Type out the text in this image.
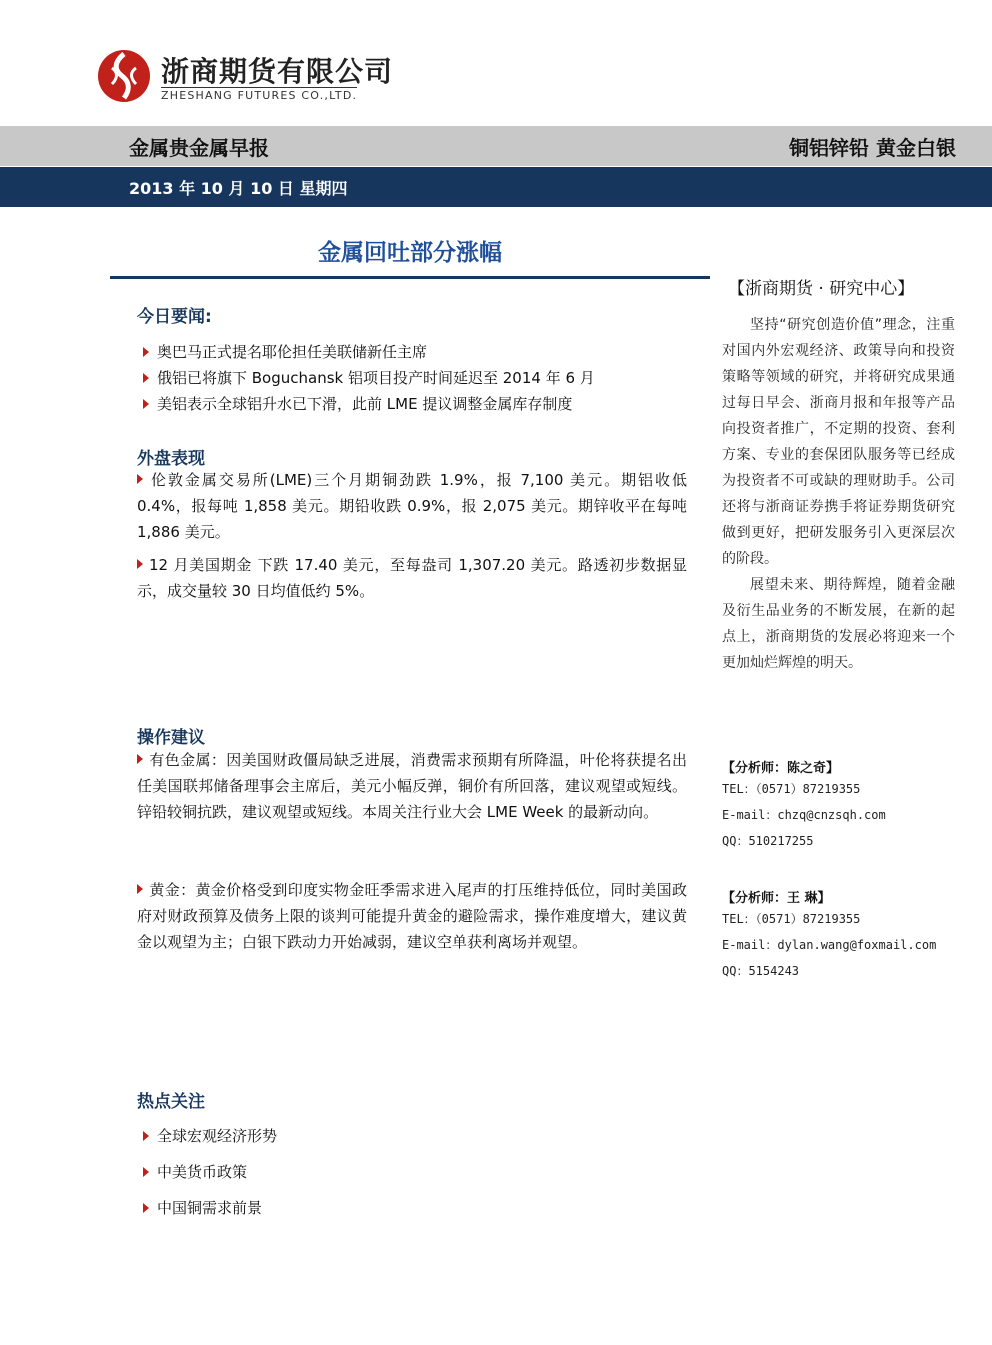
浙商期货有限公司
ZHESHANG FUTURES CO.,LTD.
金属贵金属早报	铜铝锌铅 黄金白银
2013 年 10 月 10 日 星期四
金属回吐部分涨幅
今日要闻:
奥巴马正式提名耶伦担任美联储新任主席
俄铝已将旗下 Boguchansk 铝项目投产时间延迟至 2014 年 6 月
美铝表示全球铝升水已下滑，此前 LME 提议调整金属库存制度
外盘表现
伦敦金属交易所(LME)三个月期铜劲跌 1.9%，报 7,100 美元。期铝收低 0.4%，报每吨 1,858 美元。期铅收跌 0.9%，报 2,075 美元。期锌收平在每吨 1,886 美元。
12 月美国期金 下跌 17.40 美元，至每盎司 1,307.20 美元。路透初步数据显示，成交量较 30 日均值低约 5%。
操作建议
有色金属：因美国财政僵局缺乏进展，消费需求预期有所降温，叶伦将获提名出任美国联邦储备理事会主席后，美元小幅反弹，铜价有所回落，建议观望或短线。锌铅较铜抗跌，建议观望或短线。本周关注行业大会 LME Week 的最新动向。
黄金：黄金价格受到印度实物金旺季需求进入尾声的打压维持低位，同时美国政府对财政预算及债务上限的谈判可能提升黄金的避险需求，操作难度增大，建议黄金以观望为主；白银下跌动力开始减弱，建议空单获利离场并观望。
热点关注
全球宏观经济形势
中美货币政策
中国铜需求前景
【浙商期货 · 研究中心】

坚持“研究创造价值”理念，注重对国内外宏观经济、政策导向和投资策略等领域的研究，并将研究成果通过每日早会、浙商月报和年报等产品向投资者推广，不定期的投资、套利方案、专业的套保团队服务等已经成为投资者不可或缺的理财助手。公司还将与浙商证券携手将证券期货研究做到更好，把研发服务引入更深层次的阶段。

展望未来、期待辉煌，随着金融及衍生品业务的不断发展，在新的起点上，浙商期货的发展必将迎来一个更加灿烂辉煌的明天。

【分析师：陈之奇】
TEL：（0571）87219355
E-mail：chzq@cnzsqh.com
QQ：510217255
【分析师：王 琳】
TEL：（0571）87219355
E-mail：dylan.wang@foxmail.com
QQ：5154243
